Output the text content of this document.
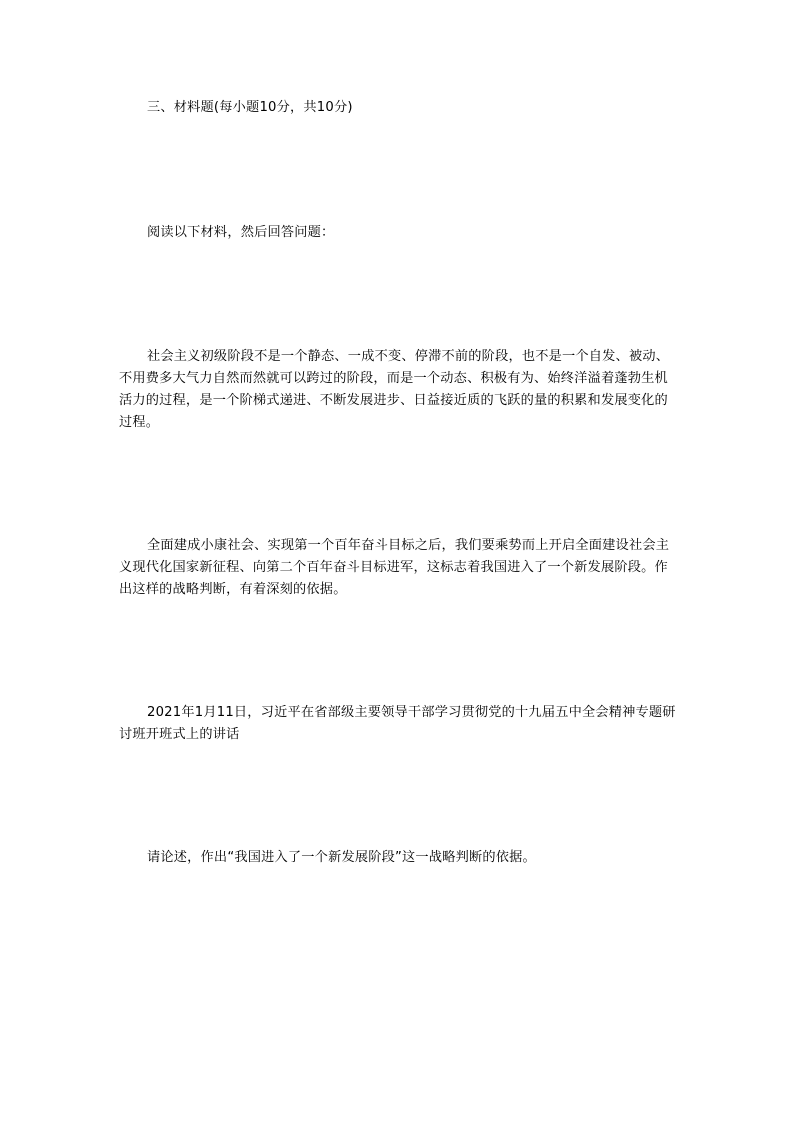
三、材料题(每小题10分，共10分)
阅读以下材料，然后回答问题：
社会主义初级阶段不是一个静态、一成不变、停滞不前的阶段，也不是一个自发、被动、不用费多大气力自然而然就可以跨过的阶段，而是一个动态、积极有为、始终洋溢着蓬勃生机活力的过程，是一个阶梯式递进、不断发展进步、日益接近质的飞跃的量的积累和发展变化的过程。
全面建成小康社会、实现第一个百年奋斗目标之后，我们要乘势而上开启全面建设社会主义现代化国家新征程、向第二个百年奋斗目标进军，这标志着我国进入了一个新发展阶段。作出这样的战略判断，有着深刻的依据。
2021年1月11日，习近平在省部级主要领导干部学习贯彻党的十九届五中全会精神专题研讨班开班式上的讲话
请论述，作出“我国进入了一个新发展阶段”这一战略判断的依据。
